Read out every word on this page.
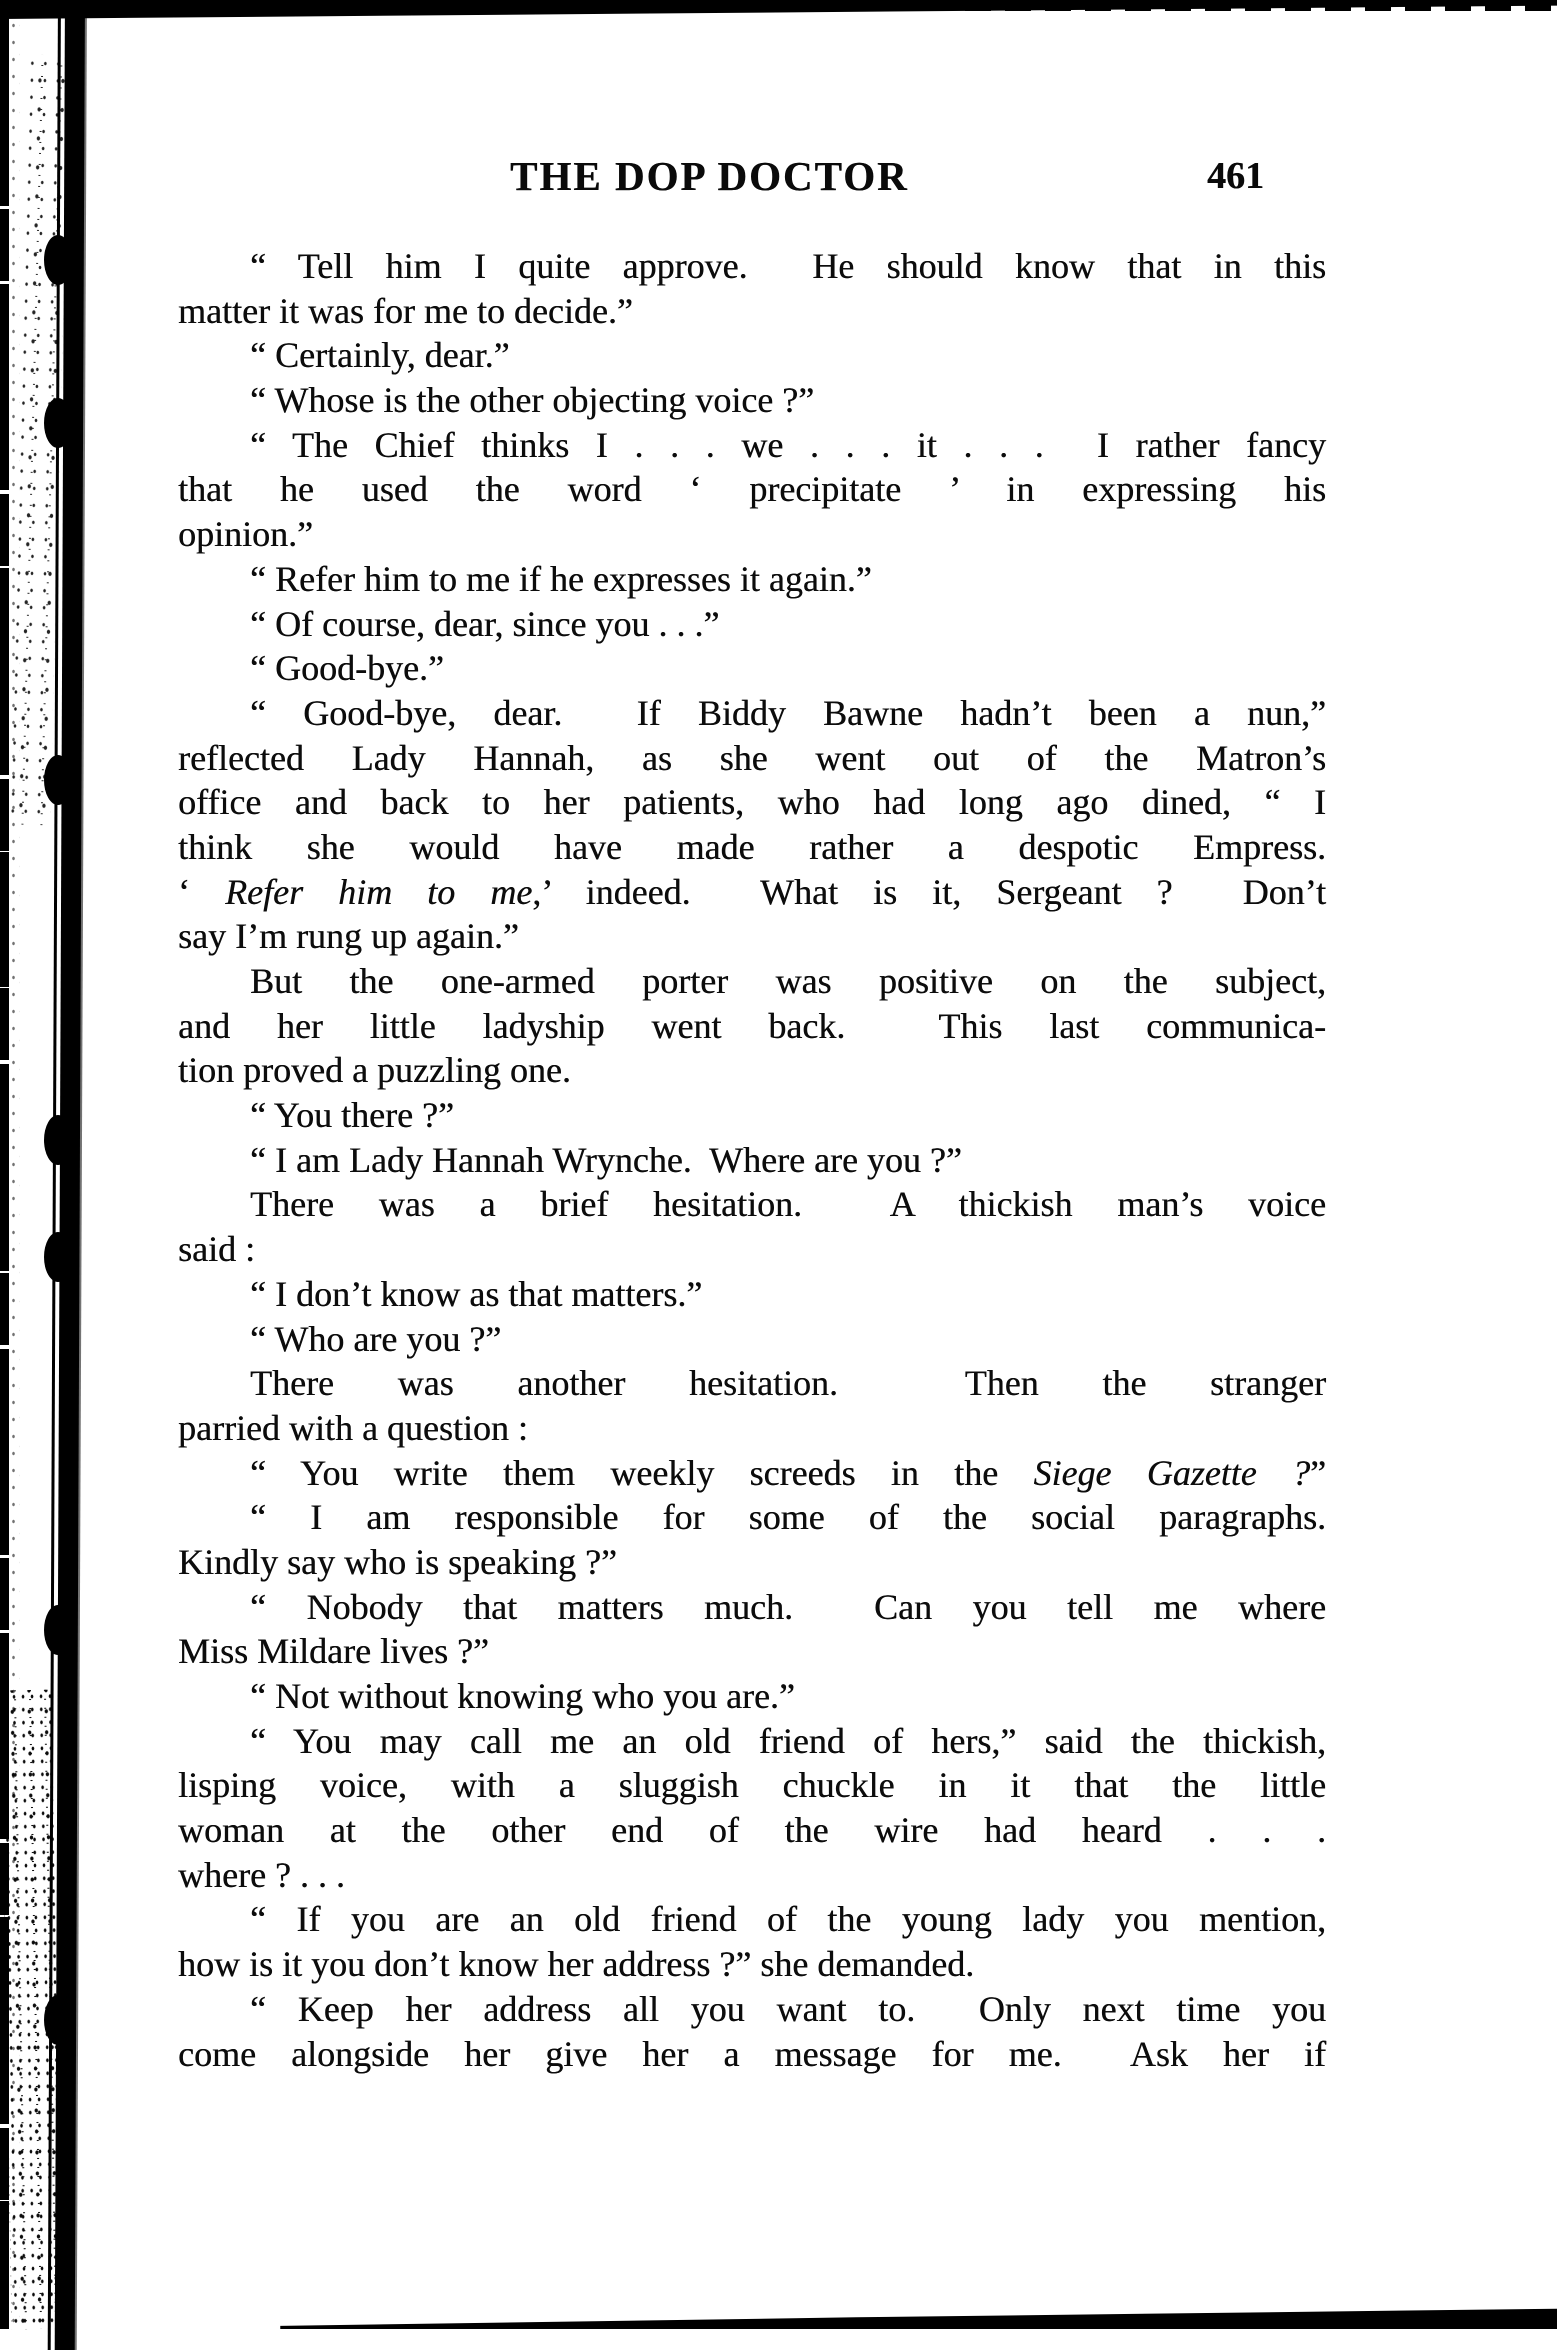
THE DOP DOCTOR	461
“ Tell him I quite approve.  He should know that in this
matter it was for me to decide.”
“ Certainly, dear.”
“ Whose is the other objecting voice ?”
“ The Chief thinks I . . . we . . . it . . .  I rather fancy
that he used the word ‘ precipitate ’ in expressing his
opinion.”
“ Refer him to me if he expresses it again.”
“ Of course, dear, since you . . .”
“ Good-bye.”
“ Good-bye, dear.  If Biddy Bawne hadn’t been a nun,”
reflected Lady Hannah, as she went out of the Matron’s
office and back to her patients, who had long ago dined, “ I
think she would have made rather a despotic Empress.
‘ Refer him to me,’ indeed.  What is it, Sergeant ?  Don’t
say I’m rung up again.”
But the one-armed porter was positive on the subject,
and her little ladyship went back.  This last communica-
tion proved a puzzling one.
“ You there ?”
“ I am Lady Hannah Wrynche.  Where are you ?”
There was a brief hesitation.  A thickish man’s voice
said :
“ I don’t know as that matters.”
“ Who are you ?”
There was another hesitation.  Then the stranger
parried with a question :
“ You write them weekly screeds in the Siege Gazette ?”
“ I am responsible for some of the social paragraphs.
Kindly say who is speaking ?”
“ Nobody that matters much.  Can you tell me where
Miss Mildare lives ?”
“ Not without knowing who you are.”
“ You may call me an old friend of hers,” said the thickish,
lisping voice, with a sluggish chuckle in it that the little
woman at the other end of the wire had heard . . .
where ? . . .
“ If you are an old friend of the young lady you mention,
how is it you don’t know her address ?” she demanded.
“ Keep her address all you want to.  Only next time you
come alongside her give her a message for me.  Ask her if
